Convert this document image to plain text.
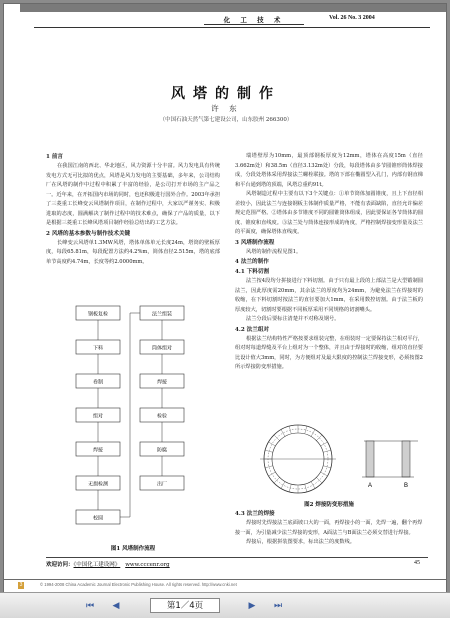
化 工 技 术	Vol. 26 No. 3 2004
风塔的制作
许 东
（中国石油天然气第七建设公司，山东胶州 266300）
1 前言

在我国江南的西北、华北地区，风力资源十分丰富。风力发电具有传统发电方式无可比拟的优点，风塔是风力发电的主要基础，多年来，公司结构厂在风塔的制作中过程中积累了丰富的经验，是公司打开市场的主产品之一。近年来，在开拓国内市场的同时，也还积极进行国外合作。2003年承担了三菱重工长峰变云风塔制作项目，在制作过程中，大家以严谨务实、积极进取的态度，圆满解决了制作过程中的技术难点，确保了产品的质量，以下是根据三菱重工长峰风塔项目制作经验总结出的工艺方法。

2 风塔的基本参数与制作技术关键

长峰变云风塔单1.3MW风塔，塔体单体单元长度24m，塔筒的壁板厚度，每段65.81m，每段配置方法约4.2%m，简体直径2.515m，塔的底部单节高度约4.74m，长度等约2.0000mm。

钢板复检
下料
卷制
组对
焊接
无损检测
校圆
法兰组装
筒体组对
焊接
检验
防腐
出厂
图1 风塔制作流程

瑞塔壁厚为10mm，最顶部钢板厚度为12mm，塔体在高度15m（直径3.662m处）和38.5m（直径3.132m处）分段，每段塔体由多节圆锥形筒体焊接成，分段处塔体采用焊接法兰螺栓联接。塔的下部在椭圆型入孔门，内部有钢直梯和平台通到塔的顶端，风塔总重约91t。

风塔制造过程中主要有以下3个关键点：①单节筒体加圆锥度，且上下直径相差较小，因此法兰与连接钢板主体制作质量严格，不能有表面缺陷，直径允许偏差规定范围严格。②塔体由多节锥度不同的圆锥筒体组成，因此要保证各节筒体的圆度、锥度和直线度。③法兰处与筒体连接形成的角度，严格控制焊接变形量及法兰的平面度，确保塔体直线度。

3 风塔制作流程

风塔的制作流程见图1。

4 法兰的制作
4.1 下料切割

法兰按4段均分拼接进行下料切割。由于只有最上段的上部法兰是大型锻制圆法兰，因此厚度需20mm，其余法兰的厚度均为24mm，为避免法兰在焊接时的收缩，在下料切割时按法兰的直径要加大1mm，在采用数控切割。由于法兰板的厚度较大，切割时要根据不同板厚采用不同规格的切割嘴头。

法兰分段后要标注清楚并不对称及钢号。

4.2 法兰组对

根据法兰结构特性严格按要求组装完整，在组装时一定要保持法兰相对平行，组对时每道焊缝及平台上组对为一个整体，并且由于焊接时的收缩，组对的直径要比设计值大3mm，同时，为方便组对及最大限度的控制法兰焊接变形，必须按图2所示焊接防变形措施。

A	B
图2 焊接防变形措施
4.3 法兰的焊接

焊接时先焊接法兰底面坡口大的一面，再焊接小的一面，先焊一遍，翻个再焊接一面，为引量减少法兰焊接的变形，A面法兰与B面法兰必须交替进行焊接。

焊接后，根据拼装图要求，标出法兰的度数线。

欢迎访问：《中国化工建设网》 www.cccenr.org	45
3	© 1994-2008 China Academic Journal Electronic Publishing House. All rights reserved. http://www.cnki.net
⏮ ◀	第1／4页	▶ ⏭
